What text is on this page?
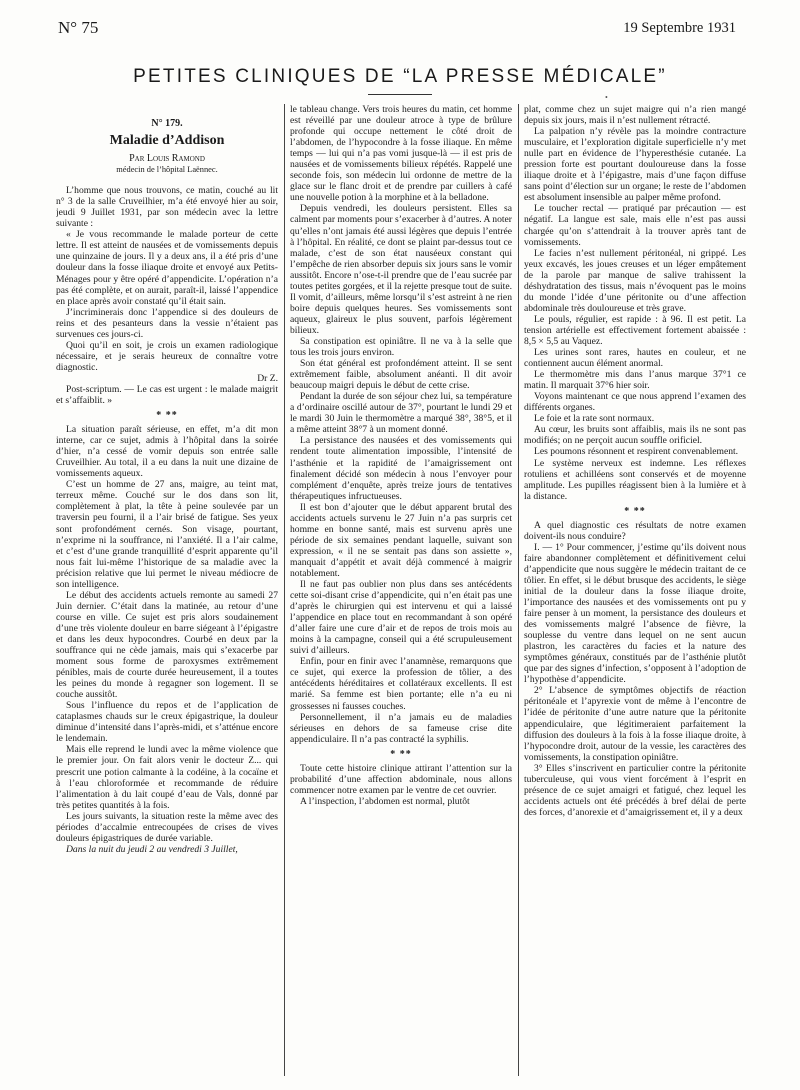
N° 75	19 Septembre 1931
PETITES CLINIQUES DE “LA PRESSE MÉDICALE”
•

N° 179.

Maladie d’Addison

Par Louis Ramond

médecin de l’hôpital Laënnec.

L’homme que nous trouvons, ce matin, couché au lit n° 3 de la salle Cruveilhier, m’a été envoyé hier au soir, jeudi 9 Juillet 1931, par son médecin avec la lettre suivante :

« Je vous recommande le malade porteur de cette lettre. Il est atteint de nausées et de vomissements depuis une quinzaine de jours. Il y a deux ans, il a été pris d’une douleur dans la fosse iliaque droite et envoyé aux Petits-Ménages pour y être opéré d’appendicite. L’opération n’a pas été complète, et on aurait, paraît-il, laissé l’appendice en place après avoir constaté qu’il était sain.

J’incriminerais donc l’appendice si des douleurs de reins et des pesanteurs dans la vessie n’étaient pas survenues ces jours-ci.

Quoi qu’il en soit, je crois un examen radiologique nécessaire, et je serais heureux de connaître votre diagnostic.

Dr Z.

Post-scriptum. — Le cas est urgent : le malade maigrit et s’affaiblit. »

* **

La situation paraît sérieuse, en effet, m’a dit mon interne, car ce sujet, admis à l’hôpital dans la soirée d’hier, n’a cessé de vomir depuis son entrée salle Cruveilhier. Au total, il a eu dans la nuit une dizaine de vomissements aqueux.

C’est un homme de 27 ans, maigre, au teint mat, terreux même. Couché sur le dos dans son lit, complètement à plat, la tête à peine soulevée par un traversin peu fourni, il a l’air brisé de fatigue. Ses yeux sont profondément cernés. Son visage, pourtant, n’exprime ni la souffrance, ni l’anxiété. Il a l’air calme, et c’est d’une grande tranquillité d’esprit apparente qu’il nous fait lui-même l’historique de sa maladie avec la précision relative que lui permet le niveau médiocre de son intelligence.

Le début des accidents actuels remonte au samedi 27 Juin dernier. C’était dans la matinée, au retour d’une course en ville. Ce sujet est pris alors soudainement d’une très violente douleur en barre siégeant à l’épigastre et dans les deux hypocondres. Courbé en deux par la souffrance qui ne cède jamais, mais qui s’exacerbe par moment sous forme de paroxysmes extrêmement pénibles, mais de courte durée heureusement, il a toutes les peines du monde à regagner son logement. Il se couche aussitôt.

Sous l’influence du repos et de l’application de cataplasmes chauds sur le creux épigastrique, la douleur diminue d’intensité dans l’après-midi, et s’atténue encore le lendemain.

Mais elle reprend le lundi avec la même violence que le premier jour. On fait alors venir le docteur Z... qui prescrit une potion calmante à la codéine, à la cocaïne et à l’eau chloroformée et recommande de réduire l’alimentation à du lait coupé d’eau de Vals, donné par très petites quantités à la fois.

Les jours suivants, la situation reste la même avec des périodes d’accalmie entrecoupées de crises de vives douleurs épigastriques de durée variable.

Dans la nuit du jeudi 2 au vendredi 3 Juillet,

le tableau change. Vers trois heures du matin, cet homme est réveillé par une douleur atroce à type de brûlure profonde qui occupe nettement le côté droit de l’abdomen, de l’hypocondre à la fosse iliaque. En même temps — lui qui n’a pas vomi jusque-là — il est pris de nausées et de vomissements bilieux répétés. Rappelé une seconde fois, son médecin lui ordonne de mettre de la glace sur le flanc droit et de prendre par cuillers à café une nouvelle potion à la morphine et à la belladone.

Depuis vendredi, les douleurs persistent. Elles sa calment par moments pour s’exacerber à d’autres. A noter qu’elles n’ont jamais été aussi légères que depuis l’entrée à l’hôpital. En réalité, ce dont se plaint par-dessus tout ce malade, c’est de son état nauséeux constant qui l’empêche de rien absorber depuis six jours sans le vomir aussitôt. Encore n’ose-t-il prendre que de l’eau sucrée par toutes petites gorgées, et il la rejette presque tout de suite. Il vomit, d’ailleurs, même lorsqu’il s’est astreint à ne rien boire depuis quelques heures. Ses vomissements sont aqueux, glaireux le plus souvent, parfois légèrement bilieux.

Sa constipation est opiniâtre. Il ne va à la selle que tous les trois jours environ.

Son état général est profondément atteint. Il se sent extrêmement faible, absolument anéanti. Il dit avoir beaucoup maigri depuis le début de cette crise.

Pendant la durée de son séjour chez lui, sa température a d’ordinaire oscillé autour de 37°, pourtant le lundi 29 et le mardi 30 Juin le thermomètre a marqué 38°, 38°5, et il a même atteint 38°7 à un moment donné.

La persistance des nausées et des vomissements qui rendent toute alimentation impossible, l’intensité de l’asthénie et la rapidité de l’amaigrissement ont finalement décidé son médecin à nous l’envoyer pour complément d’enquête, après treize jours de tentatives thérapeutiques infructueuses.

Il est bon d’ajouter que le début apparent brutal des accidents actuels survenu le 27 Juin n’a pas surpris cet homme en bonne santé, mais est survenu après une période de six semaines pendant laquelle, suivant son expression, « il ne se sentait pas dans son assiette », manquait d’appétit et avait déjà commencé à maigrir notablement.

Il ne faut pas oublier non plus dans ses antécédents cette soi-disant crise d’appendicite, qui n’en était pas une d’après le chirurgien qui est intervenu et qui a laissé l’appendice en place tout en recommandant à son opéré d’aller faire une cure d’air et de repos de trois mois au moins à la campagne, conseil qui a été scrupuleusement suivi d’ailleurs.

Enfin, pour en finir avec l’anamnèse, remarquons que ce sujet, qui exerce la profession de tôlier, a des antécédents héréditaires et collatéraux excellents. Il est marié. Sa femme est bien portante; elle n’a eu ni grossesses ni fausses couches.

Personnellement, il n’a jamais eu de maladies sérieuses en dehors de sa fameuse crise dite appendiculaire. Il n’a pas contracté la syphilis.

* **

Toute cette histoire clinique attirant l’attention sur la probabilité d’une affection abdominale, nous allons commencer notre examen par le ventre de cet ouvrier.

A l’inspection, l’abdomen est normal, plutôt

plat, comme chez un sujet maigre qui n’a rien mangé depuis six jours, mais il n’est nullement rétracté.

La palpation n’y révèle pas la moindre contracture musculaire, et l’exploration digitale superficielle n’y met nulle part en évidence de l’hyperesthésie cutanée. La pression forte est pourtant douloureuse dans la fosse iliaque droite et à l’épigastre, mais d’une façon diffuse sans point d’élection sur un organe; le reste de l’abdomen est absolument insensible au palper même profond.

Le toucher rectal — pratiqué par précaution — est négatif. La langue est sale, mais elle n’est pas aussi chargée qu’on s’attendrait à la trouver après tant de vomissements.

Le facies n’est nullement péritonéal, ni grippé. Les yeux excavés, les joues creuses et un léger empâtement de la parole par manque de salive trahissent la déshydratation des tissus, mais n’évoquent pas le moins du monde l’idée d’une péritonite ou d’une affection abdominale très douloureuse et très grave.

Le pouls, régulier, est rapide : à 96. Il est petit. La tension artérielle est effectivement fortement abaissée : 8,5 × 5,5 au Vaquez.

Les urines sont rares, hautes en couleur, et ne contiennent aucun élément anormal.

Le thermomètre mis dans l’anus marque 37°1 ce matin. Il marquait 37°6 hier soir.

Voyons maintenant ce que nous apprend l’examen des différents organes.

Le foie et la rate sont normaux.

Au cœur, les bruits sont affaiblis, mais ils ne sont pas modifiés; on ne perçoit aucun souffle orificiel.

Les poumons résonnent et respirent convenablement.

Le système nerveux est indemne. Les réflexes rotuliens et achilléens sont conservés et de moyenne amplitude. Les pupilles réagissent bien à la lumière et à la distance.

* **

A quel diagnostic ces résultats de notre examen doivent-ils nous conduire?

I. — 1° Pour commencer, j’estime qu’ils doivent nous faire abandonner complètement et définitivement celui d’appendicite que nous suggère le médecin traitant de ce tôlier. En effet, si le début brusque des accidents, le siège initial de la douleur dans la fosse iliaque droite, l’importance des nausées et des vomissements ont pu y faire penser à un moment, la persistance des douleurs et des vomissements malgré l’absence de fièvre, la souplesse du ventre dans lequel on ne sent aucun plastron, les caractères du facies et la nature des symptômes généraux, constitués par de l’asthénie plutôt que par des signes d’infection, s’opposent à l’adoption de l’hypothèse d’appendicite.

2° L’absence de symptômes objectifs de réaction péritonéale et l’apyrexie vont de même à l’encontre de l’idée de péritonite d’une autre nature que la péritonite appendiculaire, que légitimeraient parfaitement la diffusion des douleurs à la fois à la fosse iliaque droite, à l’hypocondre droit, autour de la vessie, les caractères des vomissements, la constipation opiniâtre.

3° Elles s’inscrivent en particulier contre la péritonite tuberculeuse, qui vous vient forcément à l’esprit en présence de ce sujet amaigri et fatigué, chez lequel les accidents actuels ont été précédés à bref délai de perte des forces, d’anorexie et d’amaigrissement et, il y a deux
